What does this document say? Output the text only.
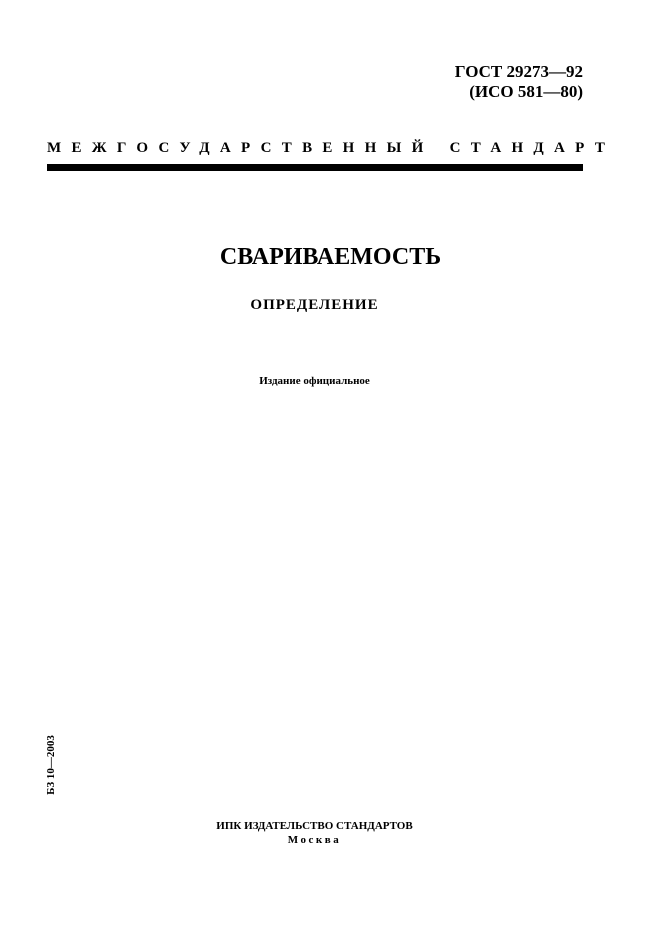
ГОСТ 29273—92
(ИСО 581—80)
МЕЖГОСУДАРСТВЕННЫЙ СТАНДАРТ
СВАРИВАЕМОСТЬ
ОПРЕДЕЛЕНИЕ
Издание официальное
БЗ 10—2003
ИПК ИЗДАТЕЛЬСТВО СТАНДАРТОВ
Москва
